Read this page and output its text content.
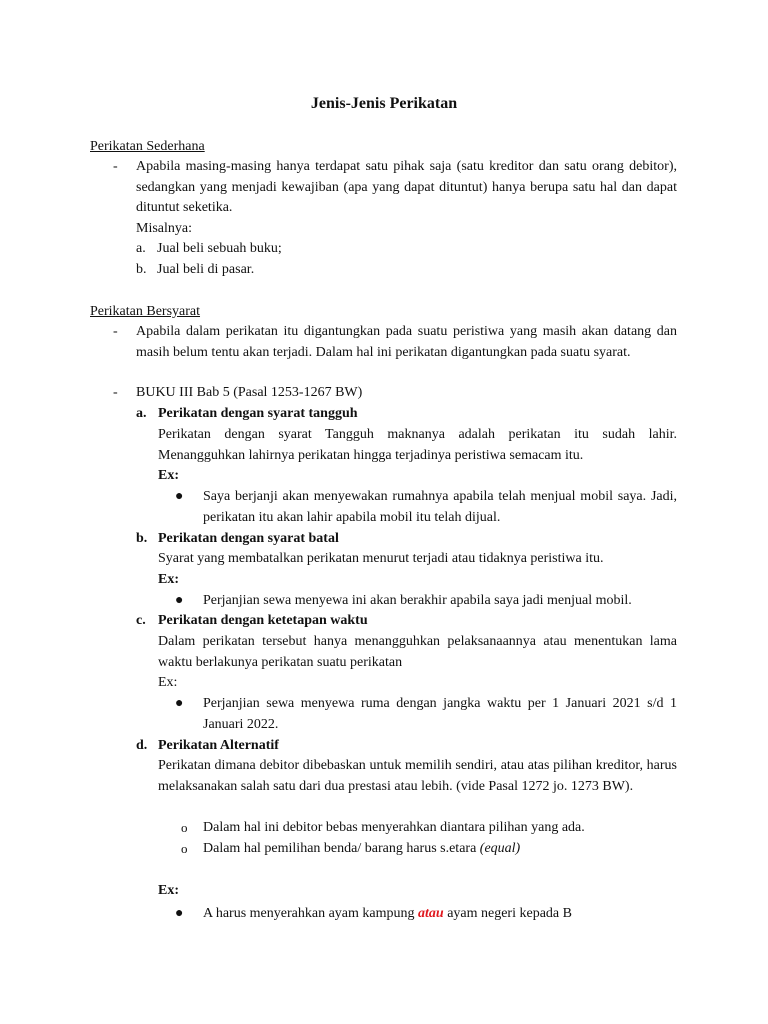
Jenis-Jenis Perikatan
Perikatan Sederhana
- Apabila masing-masing hanya terdapat satu pihak saja (satu kreditor dan satu orang debitor), sedangkan yang menjadi kewajiban (apa yang dapat dituntut) hanya berupa satu hal dan dapat dituntut seketika.
Misalnya:
a. Jual beli sebuah buku;
b. Jual beli di pasar.
Perikatan Bersyarat
- Apabila dalam perikatan itu digantungkan pada suatu peristiwa yang masih akan datang dan masih belum tentu akan terjadi. Dalam hal ini perikatan digantungkan pada suatu syarat.
- BUKU III Bab 5 (Pasal 1253-1267 BW)
a. Perikatan dengan syarat tangguh
Perikatan dengan syarat Tangguh maknanya adalah perikatan itu sudah lahir. Menangguhkan lahirnya perikatan hingga terjadinya peristiwa semacam itu.
Ex:
● Saya berjanji akan menyewakan rumahnya apabila telah menjual mobil saya. Jadi, perikatan itu akan lahir apabila mobil itu telah dijual.
b. Perikatan dengan syarat batal
Syarat yang membatalkan perikatan menurut terjadi atau tidaknya peristiwa itu.
Ex:
● Perjanjian sewa menyewa ini akan berakhir apabila saya jadi menjual mobil.
c. Perikatan dengan ketetapan waktu
Dalam perikatan tersebut hanya menangguhkan pelaksanaannya atau menentukan lama waktu berlakunya perikatan suatu perikatan
Ex:
● Perjanjian sewa menyewa ruma dengan jangka waktu per 1 Januari 2021 s/d 1 Januari 2022.
d. Perikatan Alternatif
Perikatan dimana debitor dibebaskan untuk memilih sendiri, atau atas pilihan kreditor, harus melaksanakan salah satu dari dua prestasi atau lebih. (vide Pasal 1272 jo. 1273 BW).
o Dalam hal ini debitor bebas menyerahkan diantara pilihan yang ada.
o Dalam hal pemilihan benda/ barang harus s.etara (equal)
Ex:
● A harus menyerahkan ayam kampung atau ayam negeri kepada B
